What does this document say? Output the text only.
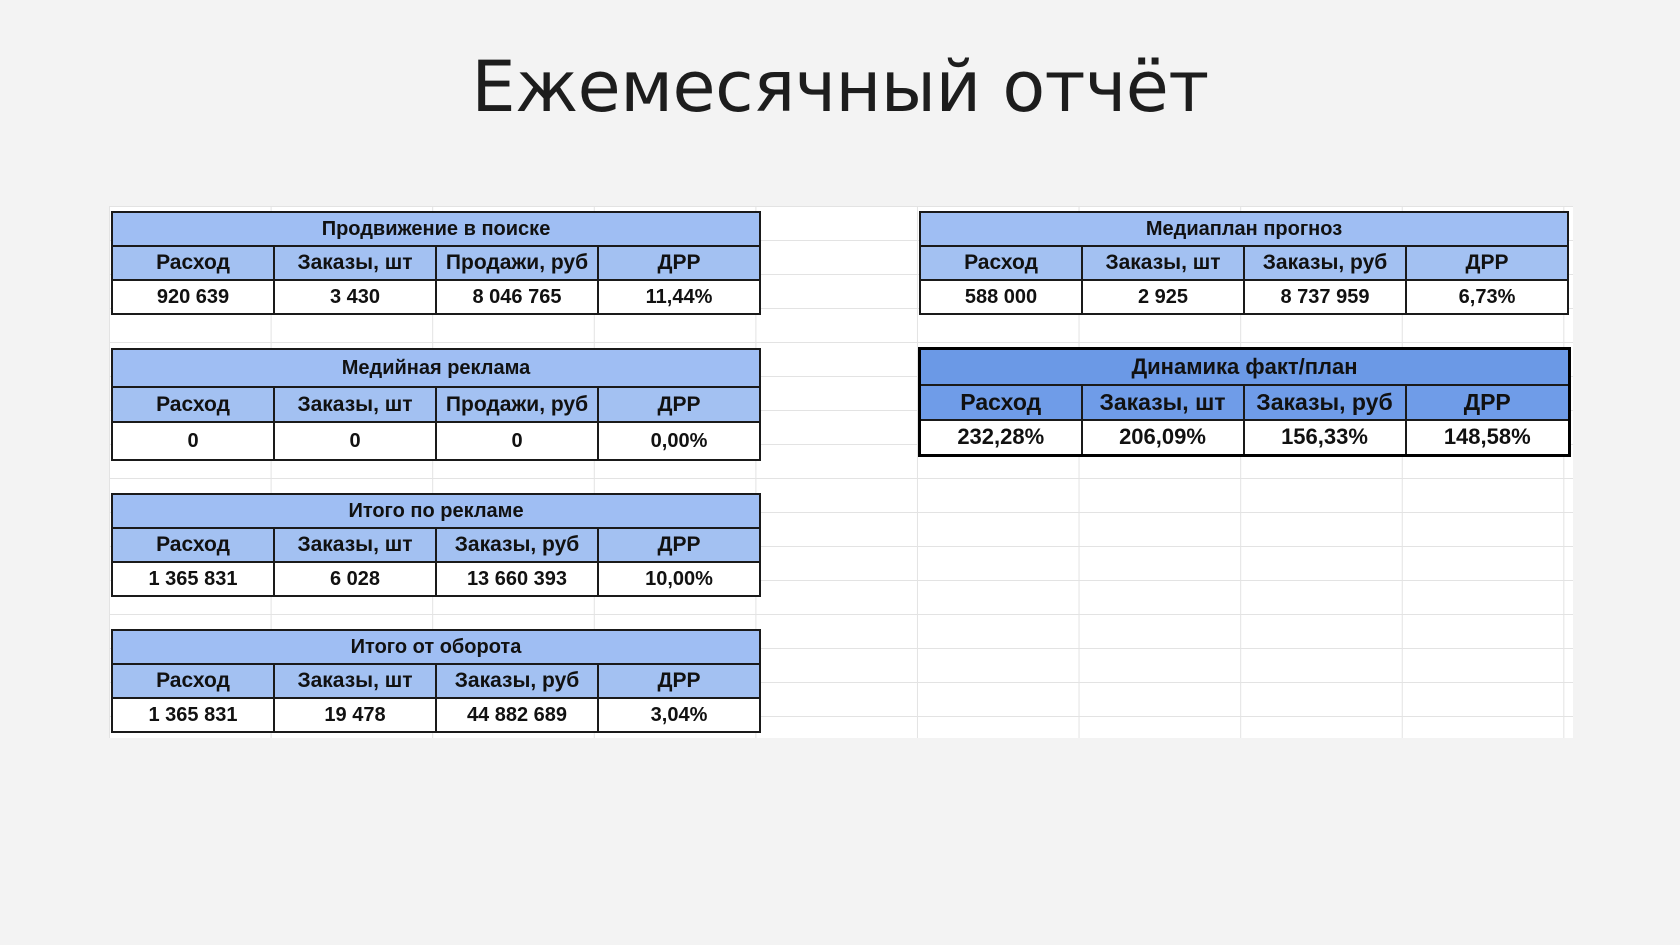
Ежемесячный отчёт
Продвижение в поиске			
Расход	Заказы, шт	Продажи, руб	ДРР
920 639	3 430	8 046 765	11,44%
Медийная реклама			
Расход	Заказы, шт	Продажи, руб	ДРР
0	0	0	0,00%
Итого по рекламе			
Расход	Заказы, шт	Заказы, руб	ДРР
1 365 831	6 028	13 660 393	10,00%
Итого от оборота			
Расход	Заказы, шт	Заказы, руб	ДРР
1 365 831	19 478	44 882 689	3,04%
Медиаплан прогноз			
Расход	Заказы, шт	Заказы, руб	ДРР
588 000	2 925	8 737 959	6,73%
Динамика факт/план			
Расход	Заказы, шт	Заказы, руб	ДРР
232,28%	206,09%	156,33%	148,58%
